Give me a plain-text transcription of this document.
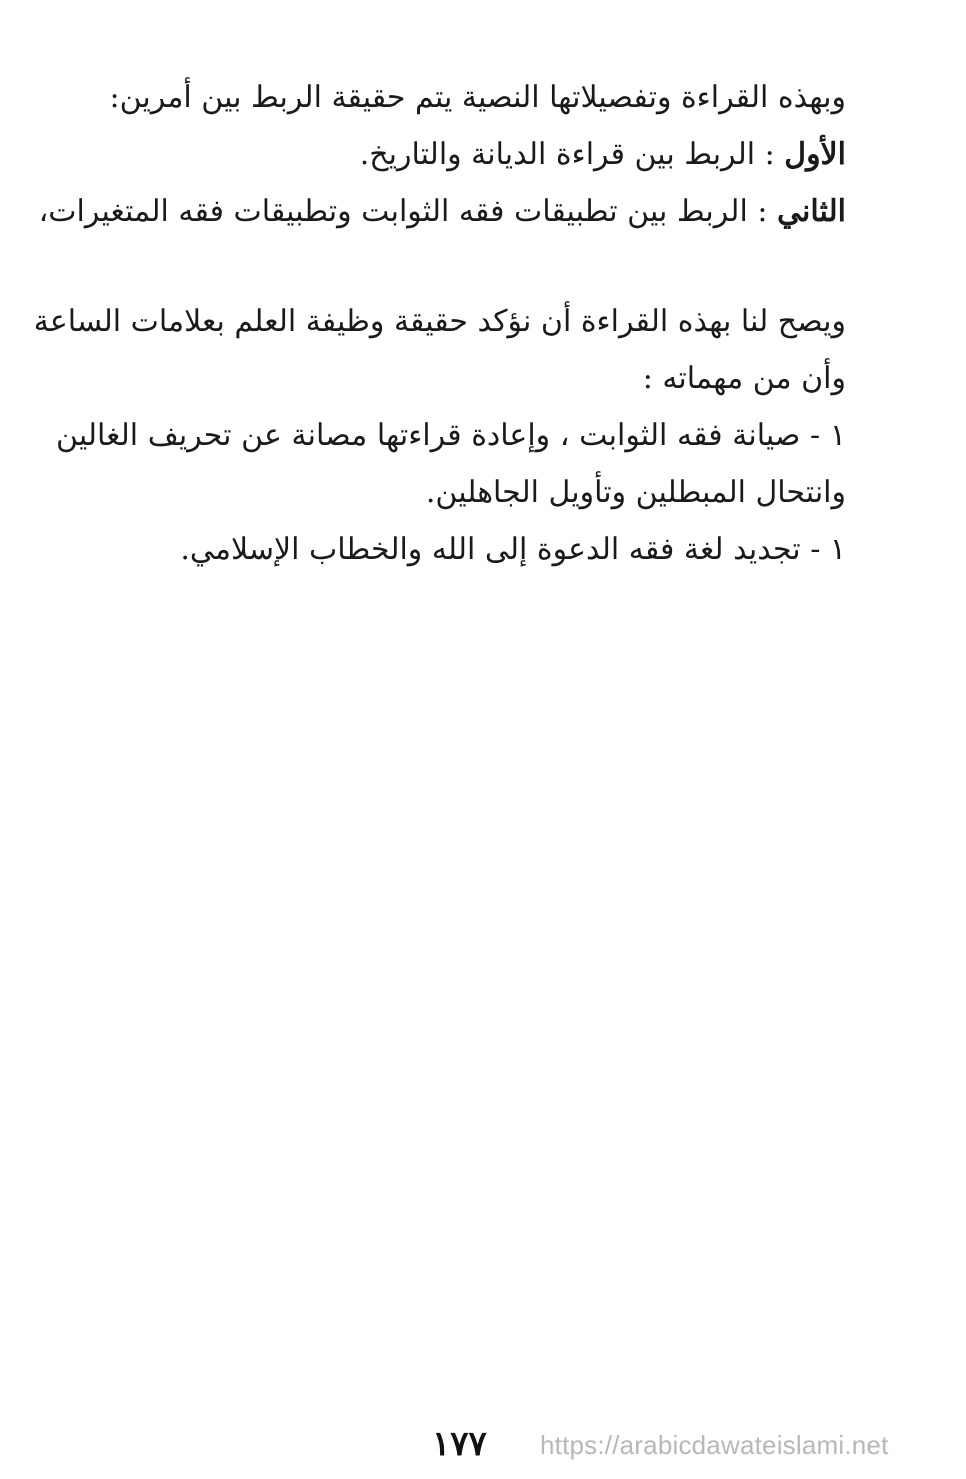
وبهذه القراءة وتفصيلاتها النصية يتم حقيقة الربط بين أمرين:
الأول : الربط بين قراءة الديانة والتاريخ.
الثاني : الربط بين تطبيقات فقه الثوابت وتطبيقات فقه المتغيرات،
ويصح لنا بهذه القراءة أن نؤكد حقيقة وظيفة العلم بعلامات الساعة
وأن من مهماته :
١ - صيانة فقه الثوابت ، وإعادة قراءتها مصانة عن تحريف الغالين
وانتحال المبطلين وتأويل الجاهلين.
١ - تجديد لغة فقه الدعوة إلى الله والخطاب الإسلامي.
١٧٧ https://arabicdawateislami.net
